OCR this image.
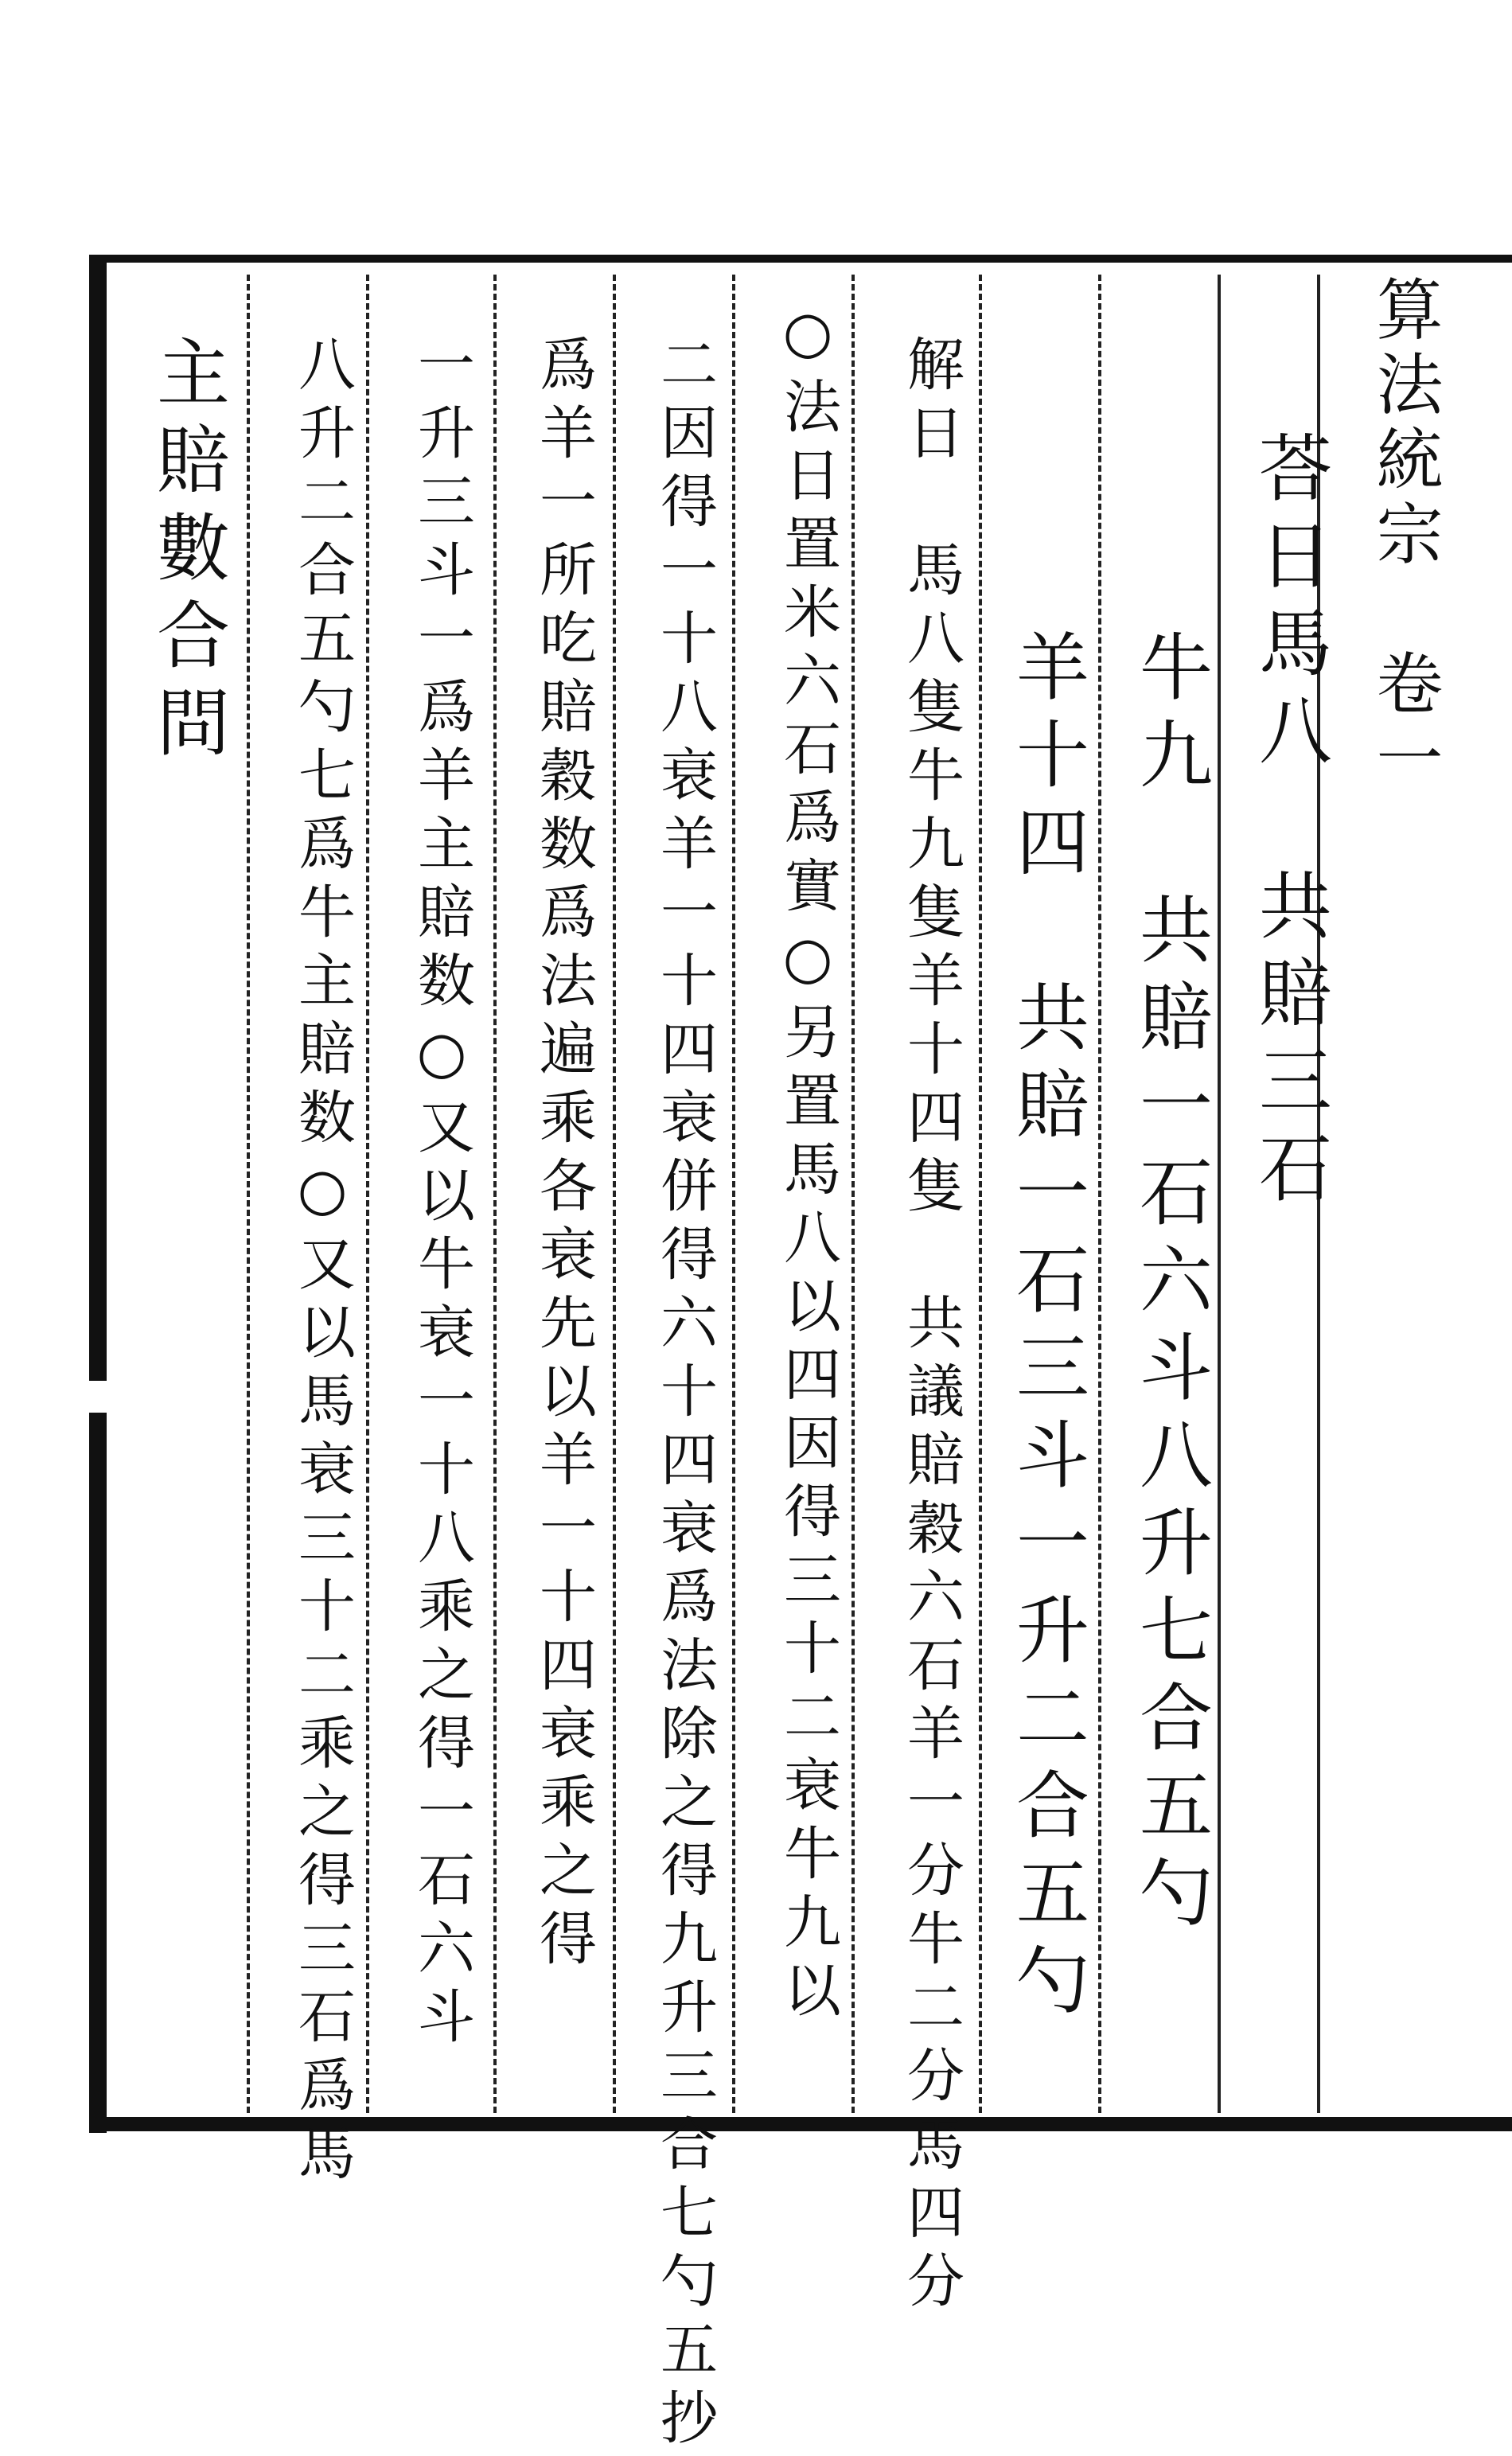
算法統宗　卷一
荅日馬八　共賠三石
牛九　共賠一石六斗八升七合五勺
羊十四　共賠一石三斗一升二合五勺
解日　馬八隻牛九隻羊十四隻　共議賠穀六石羊一分牛二分馬四分
○法日置米六石爲實○另置馬八以四因得三十二衰牛九以
二因得一十八衰羊一十四衰併得六十四衰爲法除之得九升三合七勺五抄
爲羊一所吃賠穀数爲法遍乘各衰先以羊一十四衰乘之得
一升三斗一爲羊主賠数○又以牛衰一十八乘之得一石六斗
八升二合五勺七爲牛主賠数○又以馬衰三十二乘之得三石爲馬
主賠數合問
